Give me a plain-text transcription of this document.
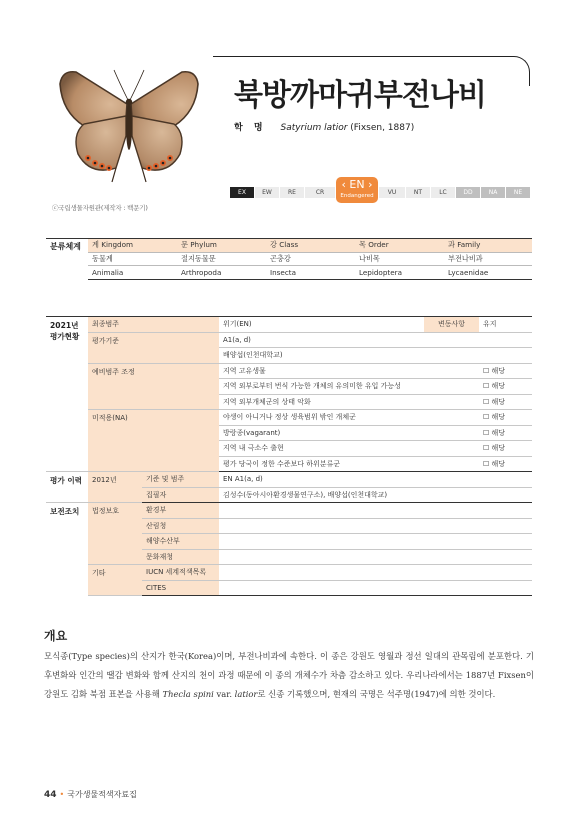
ⓒ국립생물자원관(제작자 : 백문기)
북방까마귀부전나비
학 명 Satyrium latior (Fixsen, 1887)
EX	EW	RE	CR
‹ EN ›
Endangered	VU	NT	LC	DD	NA	NE
분류체계	계 Kingdom	문 Phylum	강 Class	목 Order	과 Family
	동물계	절지동물문	곤충강	나비목	부전나비과
	Animalia	Arthropoda	Insecta	Lepidoptera	Lycaenidae
2021년
평가현황	최종범주		위기(EN)	변동사항	유지
	평가기준		A1(a, d)		
			배양섭(인천대학교)		
	예비범주 조정		지역 고유생물		☐ 해당
			지역 외부로부터 번식 가능한 개체의 유의미한 유입 가능성		☐ 해당
			지역 외부개체군의 상태 악화		☐ 해당
	미적용(NA)		야생이 아니거나 정상 생육범위 밖인 개체군		☐ 해당
			방랑종(vagarant)		☐ 해당
			지역 내 극소수 출현		☐ 해당
			평가 당국이 정한 수준보다 하위분류군		☐ 해당
평가 이력	2012년	기준 및 범주	EN A1(a, d)		
		집필자	김성수(동아시아환경생물연구소), 배양섭(인천대학교)		
보전조치	법정보호	환경부			
		산림청			
		해양수산부			
		문화재청			
	기타	IUCN 세계적색목록			
		CITES			
개요

모식종(Type species)의 산지가 한국(Korea)이며, 부전나비과에 속한다. 이 종은 강원도 영월과 정선 일대의 관목림에 분포한다. 기후변화와 인간의 땔감 변화와 함께 산지의 천이 과정 때문에 이 종의 개체수가 차츰 감소하고 있다. 우리나라에서는 1887년 Fixsen이 강원도 김화 북점 표본을 사용해 Thecla spini var. latior로 신종 기록했으며, 현재의 국명은 석주명(1947)에 의한 것이다.

44 • 국가생물적색자료집
